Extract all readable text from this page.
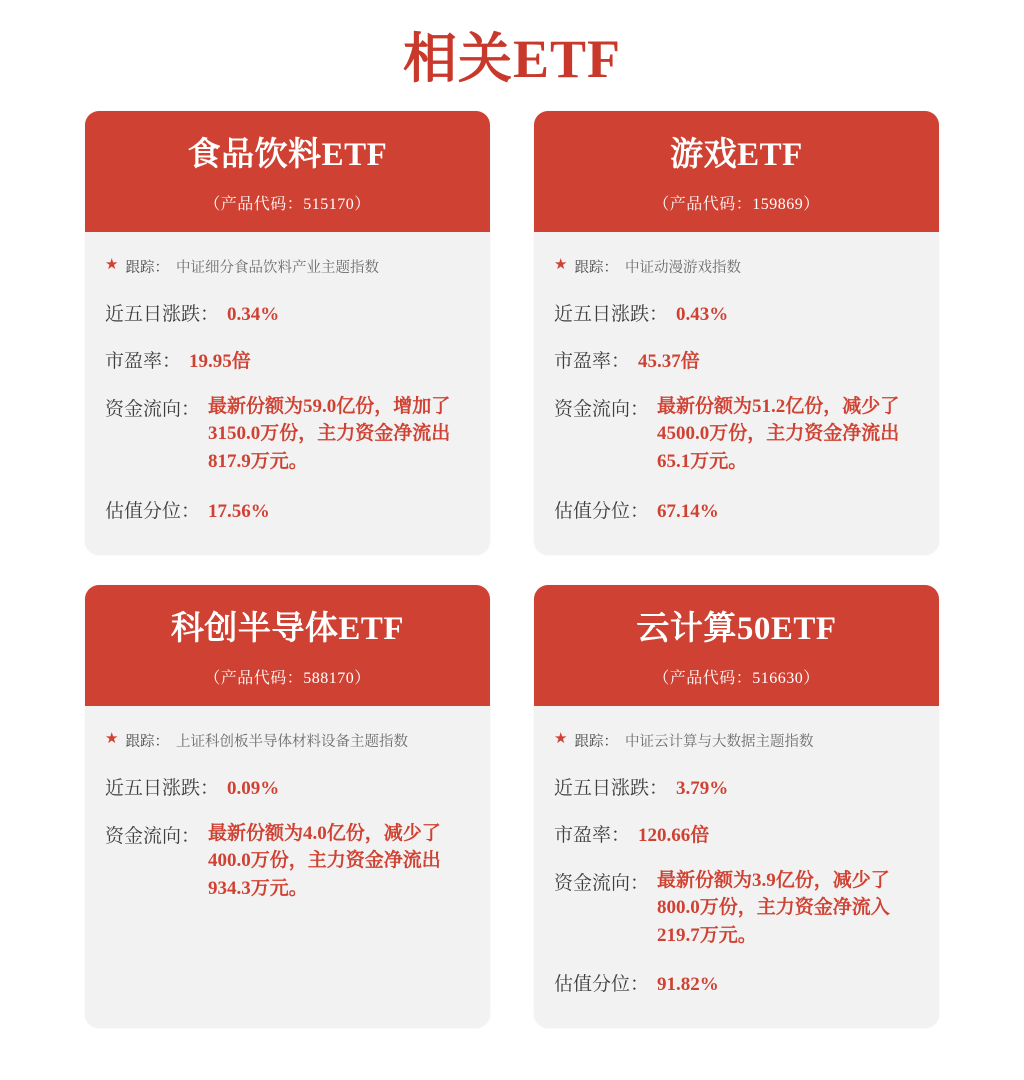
相关ETF
食品饮料ETF
（产品代码：515170）
★ 跟踪： 中证细分食品饮料产业主题指数
近五日涨跌： 0.34%
市盈率： 19.95倍
资金流向： 最新份额为59.0亿份，增加了3150.0万份，主力资金净流出817.9万元。
估值分位： 17.56%
游戏ETF
（产品代码：159869）
★ 跟踪： 中证动漫游戏指数
近五日涨跌： 0.43%
市盈率： 45.37倍
资金流向： 最新份额为51.2亿份，减少了4500.0万份，主力资金净流出65.1万元。
估值分位： 67.14%
科创半导体ETF
（产品代码：588170）
★ 跟踪： 上证科创板半导体材料设备主题指数
近五日涨跌： 0.09%
资金流向： 最新份额为4.0亿份，减少了400.0万份，主力资金净流出934.3万元。
云计算50ETF
（产品代码：516630）
★ 跟踪： 中证云计算与大数据主题指数
近五日涨跌： 3.79%
市盈率： 120.66倍
资金流向： 最新份额为3.9亿份，减少了800.0万份，主力资金净流入219.7万元。
估值分位： 91.82%
